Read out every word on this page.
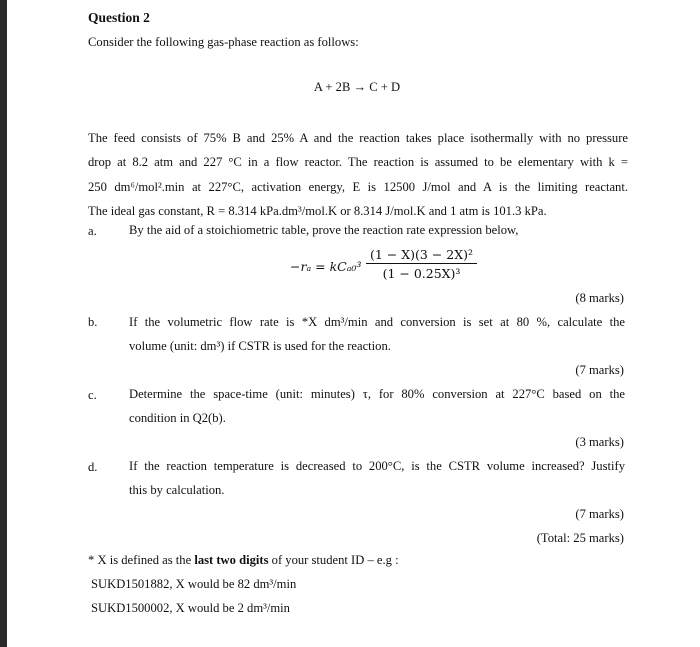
Question 2
Consider the following gas-phase reaction as follows:
A + 2B → C + D
The feed consists of 75% B and 25% A and the reaction takes place isothermally with no pressure
drop at 8.2 atm and 227 °C in a flow reactor. The reaction is assumed to be elementary with k =
250 dm⁶/mol².min at 227°C, activation energy, E is 12500 J/mol and A is the limiting reactant.
The ideal gas constant, R = 8.314 kPa.dm³/mol.K or 8.314 J/mol.K and 1 atm is 101.3 kPa.
a.	By the aid of a stoichiometric table, prove the reaction rate expression below,
$-r_a = kC_{a0}^3 \frac{\text{(1 − X)(3 − 2X)²}}{\text{(1 − 0.25X)³}}$
(8 marks)
b.	If the volumetric flow rate is *X dm³/min and conversion is set at 80 %, calculate the
volume (unit: dm³) if CSTR is used for the reaction.
(7 marks)
c.	Determine the space-time (unit: minutes) τ, for 80% conversion at 227°C based on the
condition in Q2(b).
(3 marks)
d.	If the reaction temperature is decreased to 200°C, is the CSTR volume increased? Justify
this by calculation.
(7 marks)
(Total: 25 marks)
* X is defined as the last two digits of your student ID – e.g :
SUKD1501882, X would be 82 dm³/min
SUKD1500002, X would be 2 dm³/min
